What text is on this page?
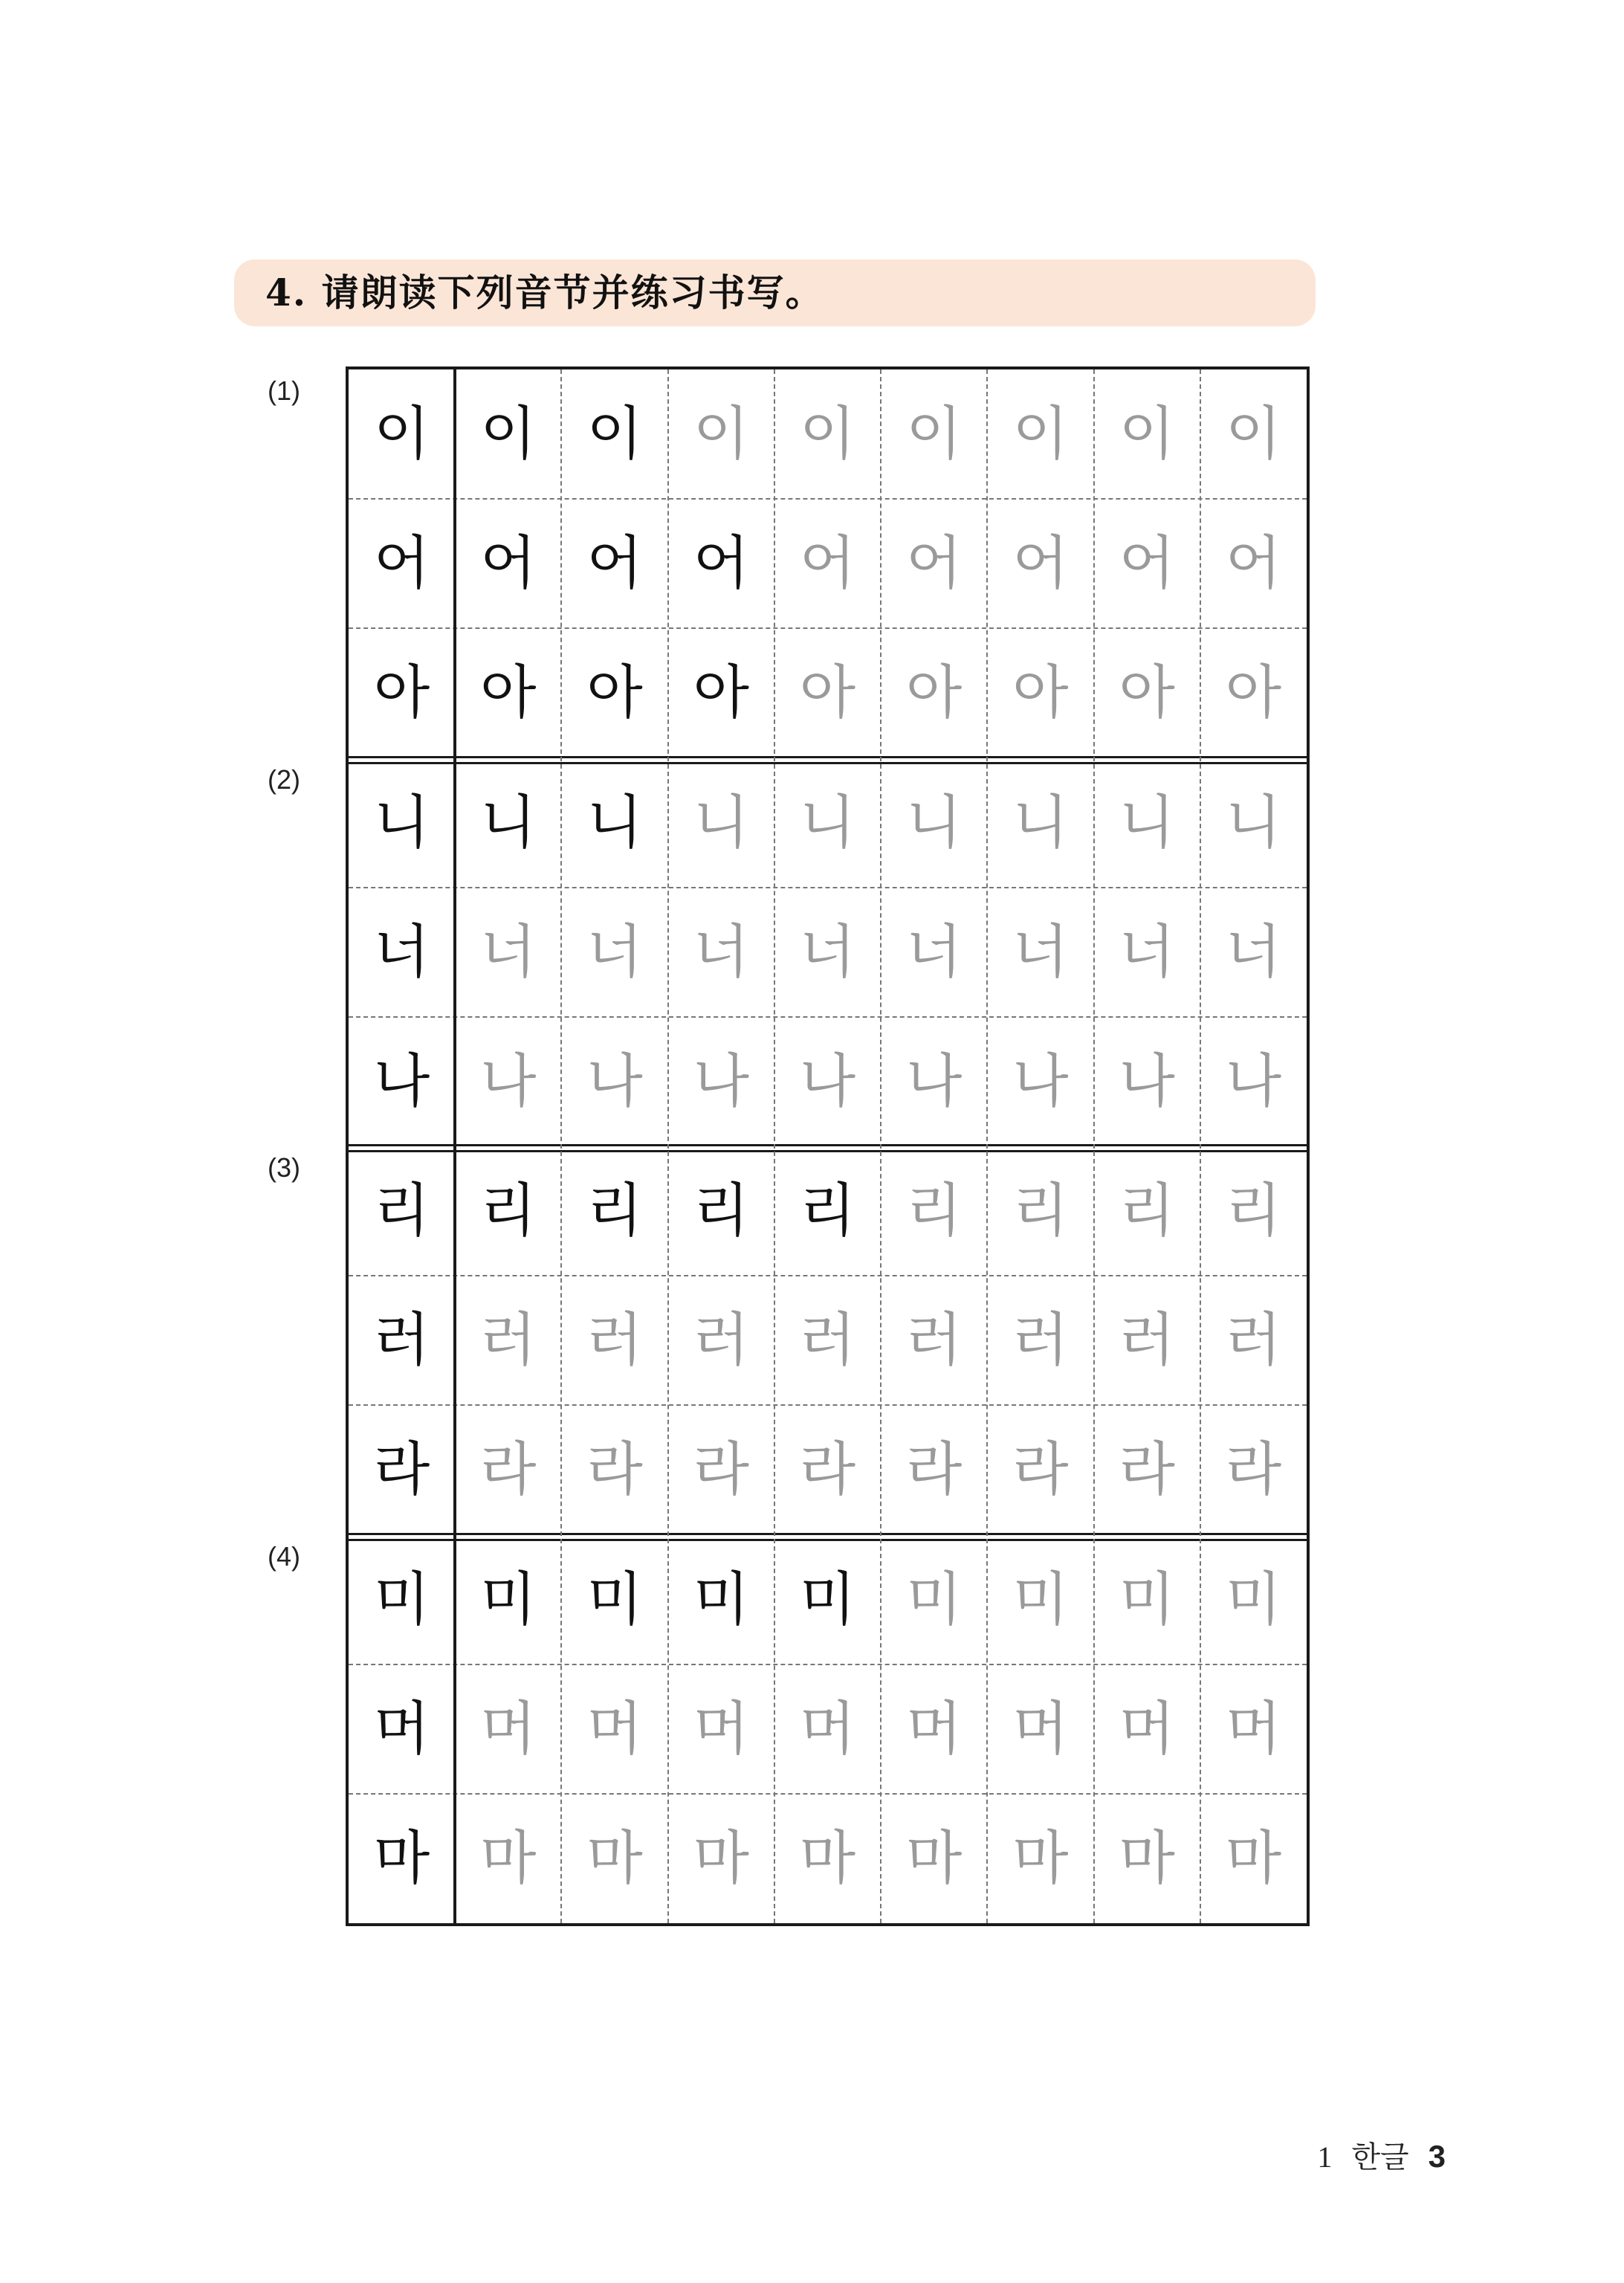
4. 请朗读下列音节并练习书写。
(1)
(2)
(3)
(4)
이 이 이 이 이 이 이 이 이
어 어 어 어 어 어 어 어 어
아 아 아 아 아 아 아 아 아
니 니 니 니 니 니 니 니 니
너 너 너 너 너 너 너 너 너
나 나 나 나 나 나 나 나 나
리 리 리 리 리 리 리 리 리
러 러 러 러 러 러 러 러 러
라 라 라 라 라 라 라 라 라
미 미 미 미 미 미 미 미 미
머 머 머 머 머 머 머 머 머
마 마 마 마 마 마 마 마 마
1 한글 3
